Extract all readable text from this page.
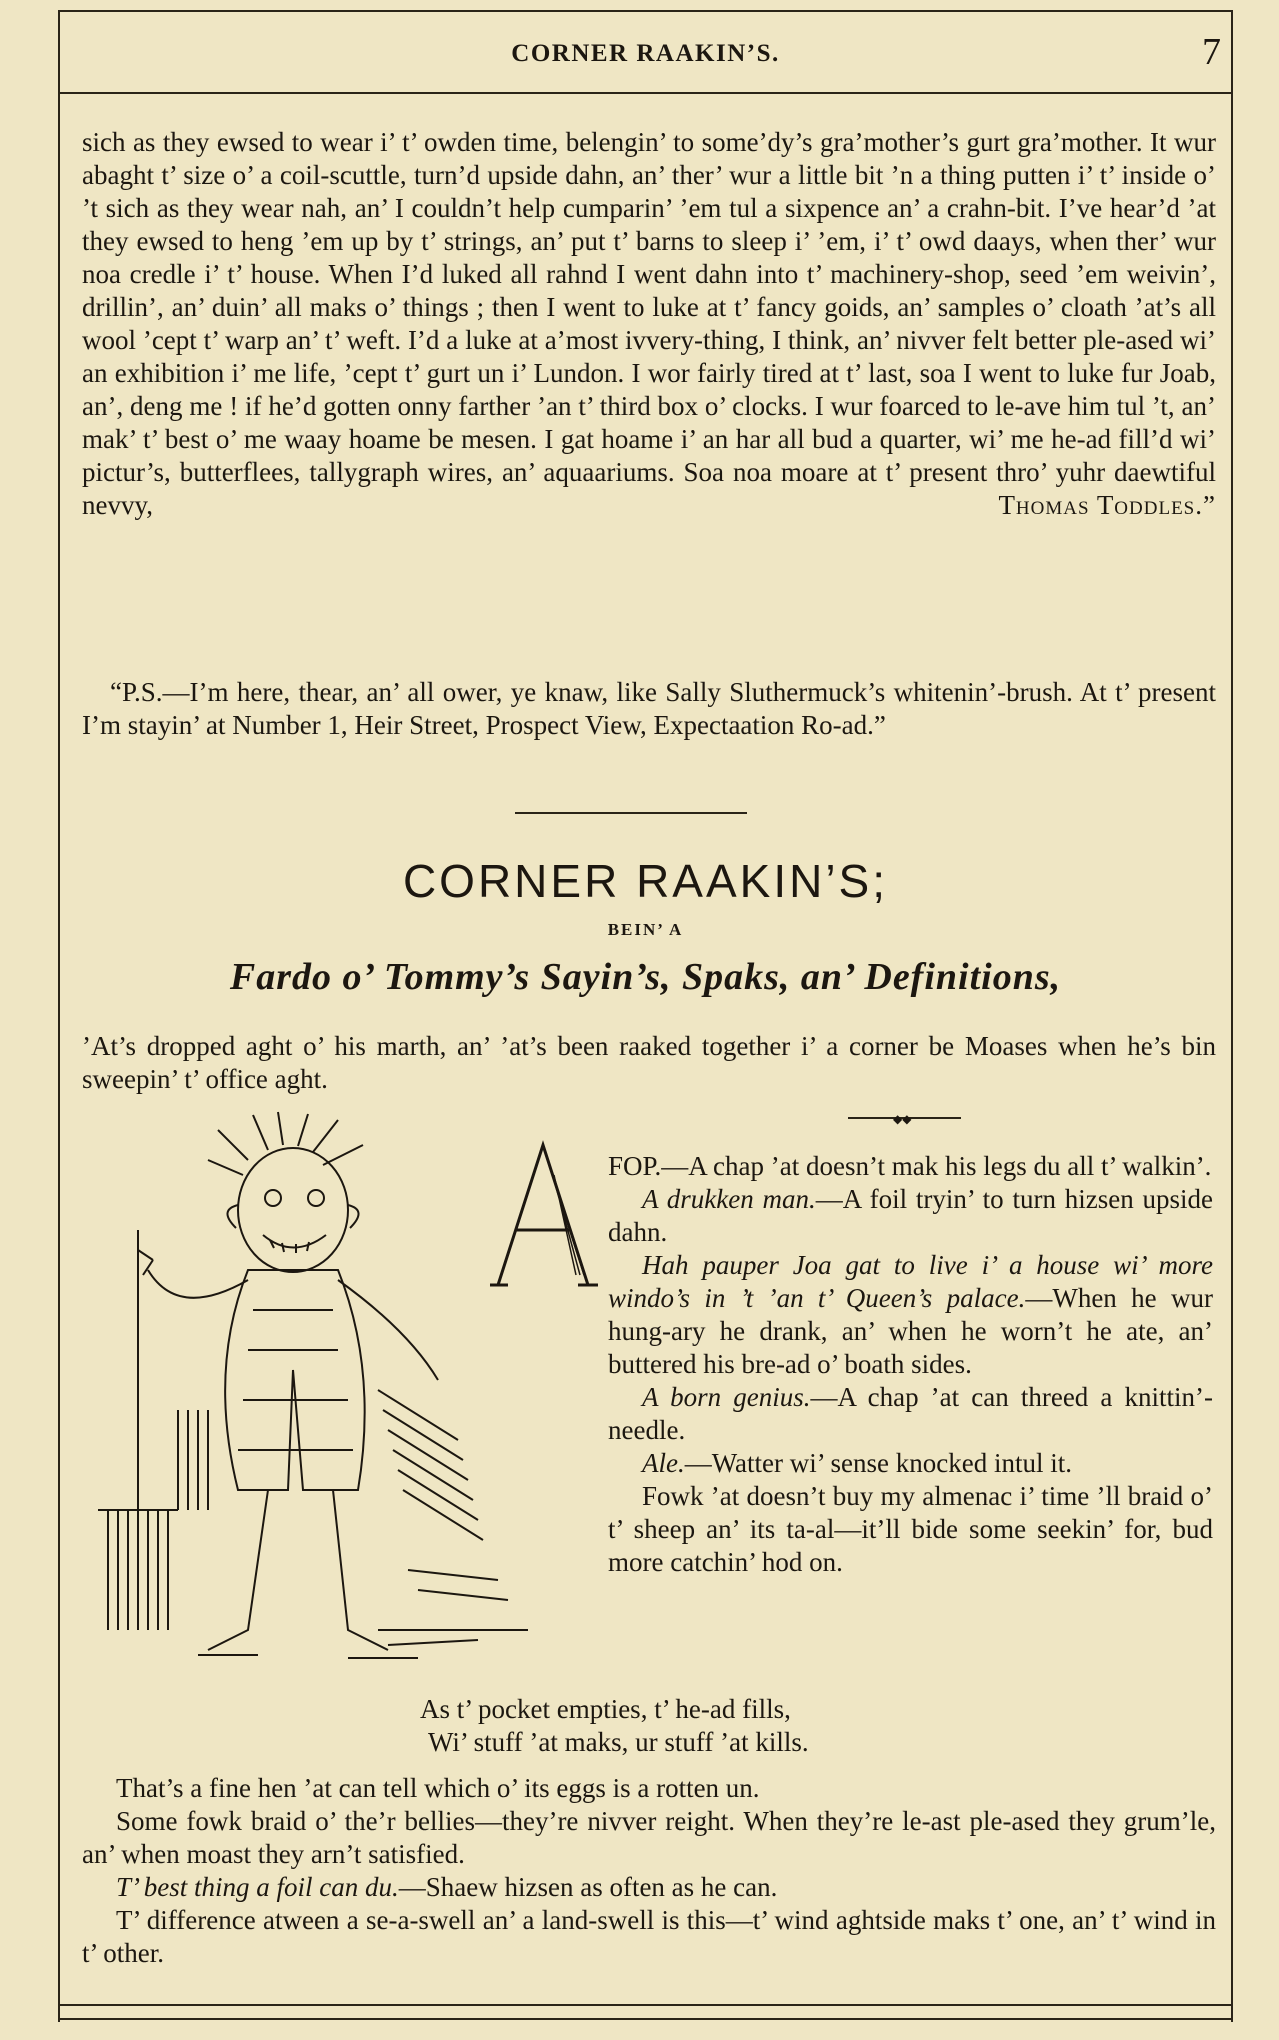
CORNER RAAKIN’S.	7
sich as they ewsed to wear i’ t’ owden time, belengin’ to some’dy’s gra’mother’s gurt gra’mother. It wur abaght t’ size o’ a coil-scuttle, turn’d upside dahn, an’ ther’ wur a little bit ’n a thing putten i’ t’ inside o’ ’t sich as they wear nah, an’ I couldn’t help cumparin’ ’em tul a sixpence an’ a crahn-bit. I’ve hear’d ’at they ewsed to heng ’em up by t’ strings, an’ put t’ barns to sleep i’ ’em, i’ t’ owd daays, when ther’ wur noa credle i’ t’ house. When I’d luked all rahnd I went dahn into t’ machinery-shop, seed ’em weivin’, drillin’, an’ duin’ all maks o’ things ; then I went to luke at t’ fancy goids, an’ samples o’ cloath ’at’s all wool ’cept t’ warp an’ t’ weft. I’d a luke at a’most ivvery-thing, I think, an’ nivver felt better ple-ased wi’ an exhibition i’ me life, ’cept t’ gurt un i’ Lundon. I wor fairly tired at t’ last, soa I went to luke fur Joab, an’, deng me ! if he’d gotten onny farther ’an t’ third box o’ clocks. I wur foarced to le-ave him tul ’t, an’ mak’ t’ best o’ me waay hoame be mesen. I gat hoame i’ an har all bud a quarter, wi’ me he-ad fill’d wi’ pictur’s, butterflees, tallygraph wires, an’ aquaariums. Soa noa moare at t’ present thro’ yuhr daewtiful nevvy,	Thomas Toddles.”
“P.S.—I’m here, thear, an’ all ower, ye knaw, like Sally Sluthermuck’s whitenin’-brush. At t’ present I’m stayin’ at Number 1, Heir Street, Prospect View, Expectaation Ro-ad.”
CORNER RAAKIN’S;
BEIN’ A
Fardo o’ Tommy’s Sayin’s, Spaks, an’ Definitions,
’At’s dropped aght o’ his marth, an’ ’at’s been raaked together i’ a corner be Moases when he’s bin sweepin’ t’ office aght.
◆◆

FOP.—A chap ’at doesn’t mak his legs du all t’ walkin’.

A drukken man.—A foil tryin’ to turn hizsen upside dahn.

Hah pauper Joa gat to live i’ a house wi’ more windo’s in ’t ’an t’ Queen’s palace.—When he wur hung-ary he drank, an’ when he worn’t he ate, an’ buttered his bre-ad o’ boath sides.

A born genius.—A chap ’at can threed a knittin’-needle.

Ale.—Watter wi’ sense knocked intul it.

Fowk ’at doesn’t buy my almenac i’ time ’ll braid o’ t’ sheep an’ its ta-al—it’ll bide some seekin’ for, bud more catchin’ hod on.

As t’ pocket empties, t’ he-ad fills,
Wi’ stuff ’at maks, ur stuff ’at kills.

That’s a fine hen ’at can tell which o’ its eggs is a rotten un.

Some fowk braid o’ the’r bellies—they’re nivver reight. When they’re le-ast ple-ased they grum’le, an’ when moast they arn’t satisfied.

T’ best thing a foil can du.—Shaew hizsen as often as he can.

T’ difference atween a se-a-swell an’ a land-swell is this—t’ wind aghtside maks t’ one, an’ t’ wind in t’ other.
